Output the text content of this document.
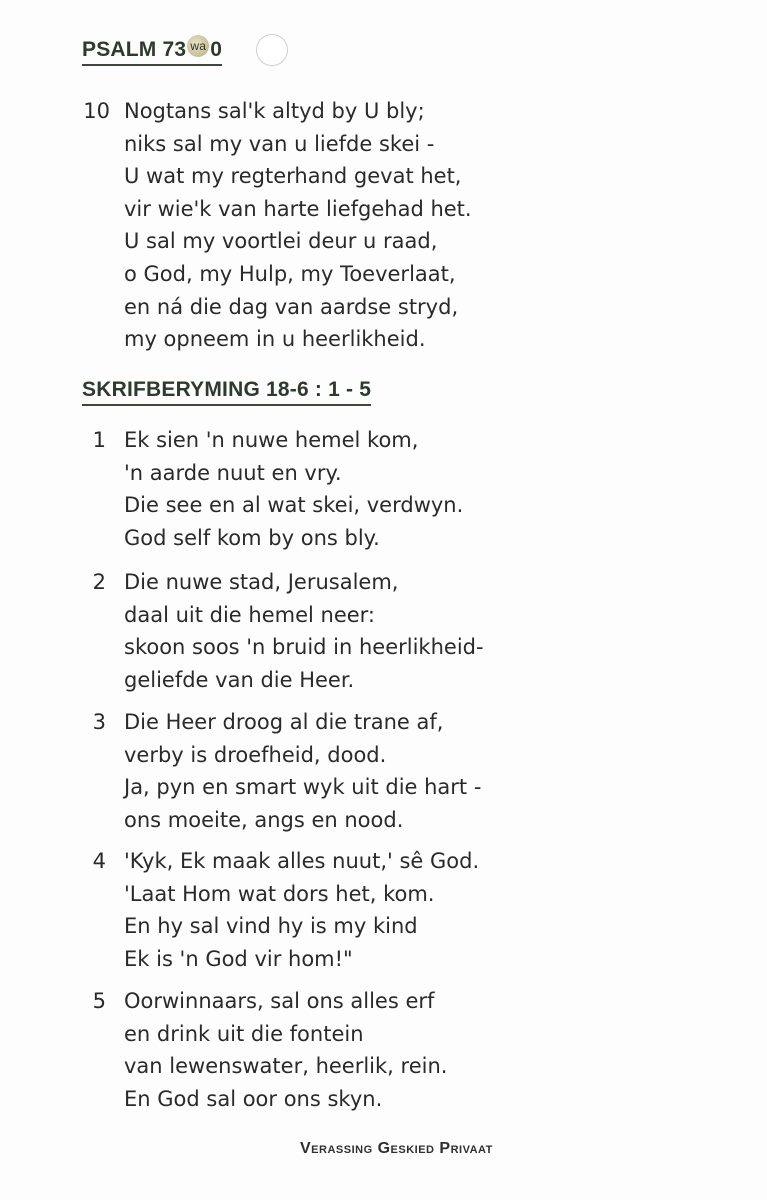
PSALM 73 wa 0
10 Nogtans sal'k altyd by U bly;
niks sal my van u liefde skei -
U wat my regterhand gevat het,
vir wie'k van harte liefgehad het.
U sal my voortlei deur u raad,
o God, my Hulp, my Toeverlaat,
en ná die dag van aardse stryd,
my opneem in u heerlikheid.
SKRIFBERYMING 18-6 : 1 - 5
1 Ek sien 'n nuwe hemel kom,
'n aarde nuut en vry.
Die see en al wat skei, verdwyn.
God self kom by ons bly.
2 Die nuwe stad, Jerusalem,
daal uit die hemel neer:
skoon soos 'n bruid in heerlikheid-
geliefde van die Heer.
3 Die Heer droog al die trane af,
verby is droefheid, dood.
Ja, pyn en smart wyk uit die hart -
ons moeite, angs en nood.
4 'Kyk, Ek maak alles nuut,' sê God.
'Laat Hom wat dors het, kom.
En hy sal vind hy is my kind
Ek is 'n God vir hom!"
5 Oorwinnaars, sal ons alles erf
en drink uit die fontein
van lewenswater, heerlik, rein.
En God sal oor ons skyn.
Verassing Geskied Privaat
